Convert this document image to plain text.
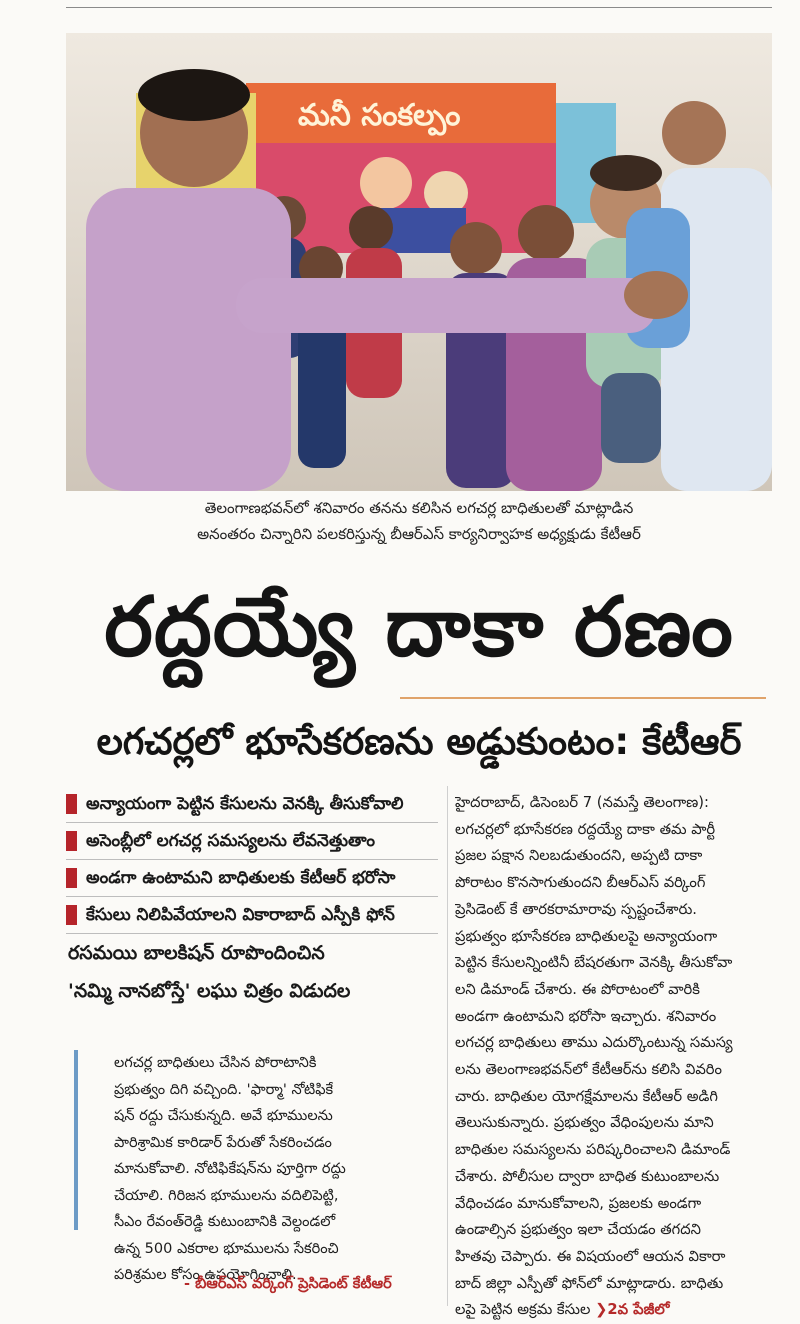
మనీ సంకల్పం
తెలంగాణభవన్‌లో శనివారం తనను కలిసిన లగచర్ల బాధితులతో మాట్లాడిన
అనంతరం చిన్నారిని పలకరిస్తున్న బీఆర్‌ఎస్ కార్యనిర్వాహక అధ్యక్షుడు కేటీఆర్
రద్దయ్యే దాకా రణం
లగచర్లలో భూసేకరణను అడ్డుకుంటం: కేటీఆర్
అన్యాయంగా పెట్టిన కేసులను వెనక్కి తీసుకోవాలి
అసెంబ్లీలో లగచర్ల సమస్యలను లేవనెత్తుతాం
అండగా ఉంటామని బాధితులకు కేటీఆర్ భరోసా
కేసులు నిలిపివేయాలని వికారాబాద్ ఎస్పీకి ఫోన్
రసమయి బాలకిషన్ రూపొందించిన
'నమ్మి నానబోస్తే' లఘు చిత్రం విడుదల
లగచర్ల బాధితులు చేసిన పోరాటానికి
ప్రభుత్వం దిగి వచ్చింది. 'ఫార్మా' నోటిఫికే
షన్ రద్దు చేసుకున్నది. అవే భూములను
పారిశ్రామిక కారిడార్ పేరుతో సేకరించడం
మానుకోవాలి. నోటిఫికేషన్‌ను పూర్తిగా రద్దు
చేయాలి. గిరిజన భూములను వదిలిపెట్టి,
సీఎం రేవంత్‌రెడ్డి కుటుంబానికి వెల్దండలో
ఉన్న 500 ఎకరాల భూములను సేకరించి
పరిశ్రమల కోసం ఉపయోగించాలి.
- బీఆర్‌ఎస్ వర్కింగ్ ప్రెసిడెంట్ కేటీఆర్
హైదరాబాద్, డిసెంబర్ 7 (నమస్తే తెలంగాణ):
లగచర్లలో భూసేకరణ రద్దయ్యే దాకా తమ పార్టీ
ప్రజల పక్షాన నిలబడుతుందని, అప్పటి దాకా
పోరాటం కొనసాగుతుందని బీఆర్‌ఎస్ వర్కింగ్
ప్రెసిడెంట్ కే తారకరామారావు స్పష్టంచేశారు.
ప్రభుత్వం భూసేకరణ బాధితులపై అన్యాయంగా
పెట్టిన కేసులన్నింటినీ బేషరతుగా వెనక్కి తీసుకోవా
లని డిమాండ్ చేశారు. ఈ పోరాటంలో వారికి
అండగా ఉంటామని భరోసా ఇచ్చారు. శనివారం
లగచర్ల బాధితులు తాము ఎదుర్కొంటున్న సమస్య
లను తెలంగాణభవన్‌లో కేటీఆర్‌ను కలిసి వివరిం
చారు. బాధితుల యోగక్షేమాలను కేటీఆర్ అడిగి
తెలుసుకున్నారు. ప్రభుత్వం వేధింపులను మాని
బాధితుల సమస్యలను పరిష్కరించాలని డిమాండ్
చేశారు. పోలీసుల ద్వారా బాధిత కుటుంబాలను
వేధించడం మానుకోవాలని, ప్రజలకు అండగా
ఉండాల్సిన ప్రభుత్వం ఇలా చేయడం తగదని
హితవు చెప్పారు. ఈ విషయంలో ఆయన వికారా
బాద్ జిల్లా ఎస్పీతో ఫోన్‌లో మాట్లాడారు. బాధితు
లపై పెట్టిన అక్రమ కేసుల ❯2వ పేజీలో
